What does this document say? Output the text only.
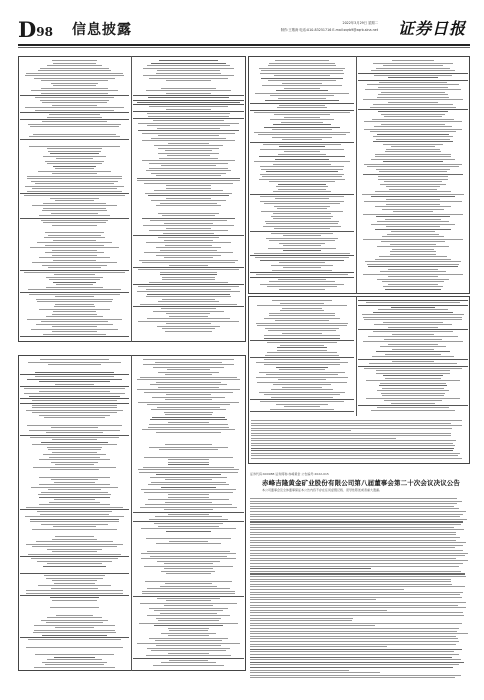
D98 信息披露	2022年3月29日 星期二
制作:王敬涛 电话:010-83251716 E-mail:zqrb9@zqrb.sina.net 证券日报
证券代码:600988 证券简称:赤峰黄金 公告编号:2022-015
赤峰吉隆黄金矿业股份有限公司第八届董事会第二十次会议决议公告
本公司董事会及全体董事保证本公告内容不存在任何虚假记载、误导性陈述或者重大遗漏。
